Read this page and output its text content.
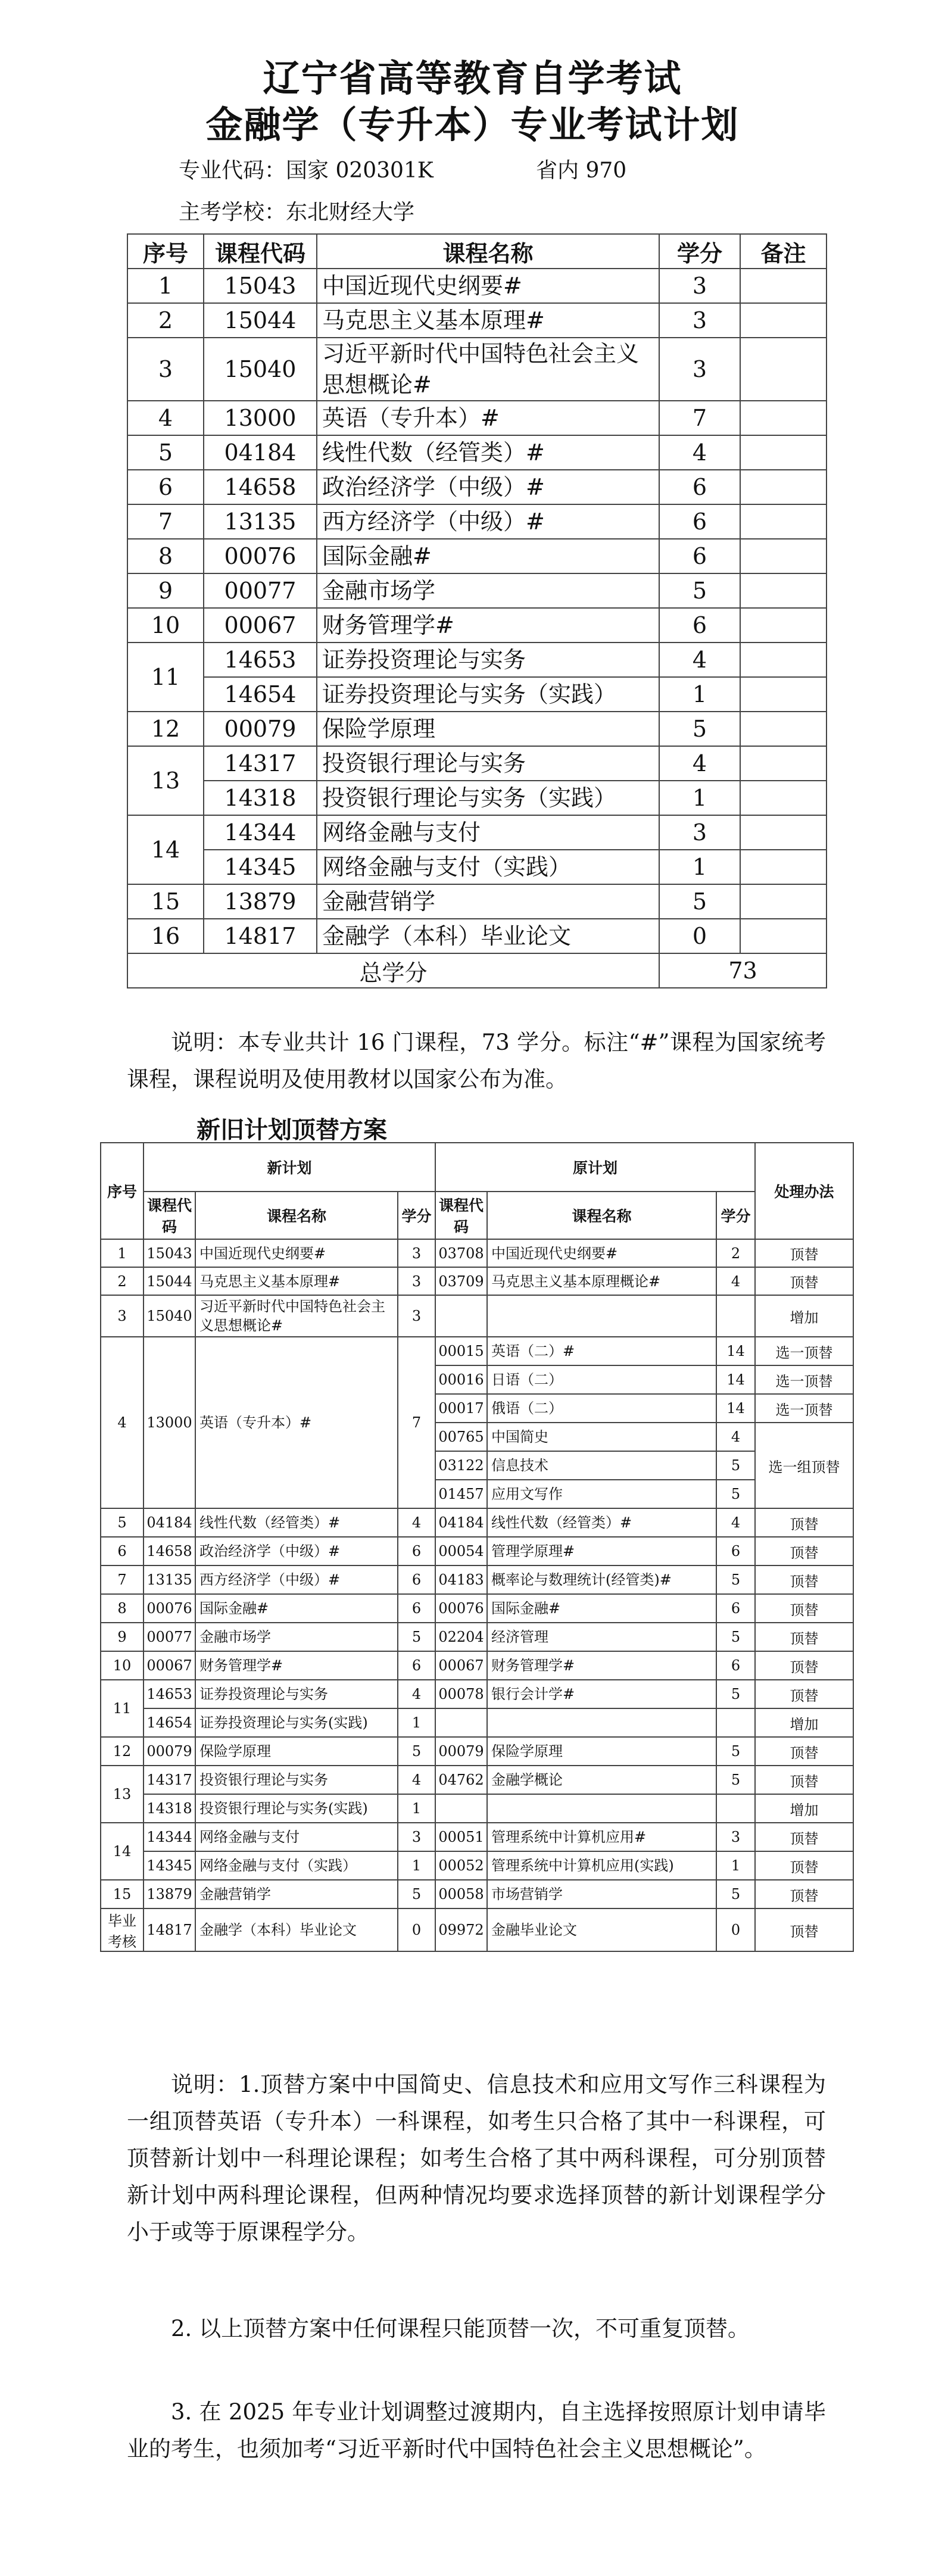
辽宁省高等教育自学考试
金融学（专升本）专业考试计划
专业代码：国家 020301K	省内 970
主考学校：东北财经大学
序号	课程代码	课程名称	学分	备注
1	15043	中国近现代史纲要#	3	
2	15044	马克思主义基本原理#	3	
3	15040	习近平新时代中国特色社会主义思想概论#	3	
4	13000	英语（专升本）#	7	
5	04184	线性代数（经管类）#	4	
6	14658	政治经济学（中级）#	6	
7	13135	西方经济学（中级）#	6	
8	00076	国际金融#	6	
9	00077	金融市场学	5	
10	00067	财务管理学#	6	
11	14653	证券投资理论与实务	4	
	14654	证券投资理论与实务（实践）	1	
12	00079	保险学原理	5	
13	14317	投资银行理论与实务	4	
	14318	投资银行理论与实务（实践）	1	
14	14344	网络金融与支付	3	
	14345	网络金融与支付（实践）	1	
15	13879	金融营销学	5	
16	14817	金融学（本科）毕业论文	0	
总学分			73	
说明：本专业共计 16 门课程，73 学分。标注“#”课程为国家统考课程，课程说明及使用教材以国家公布为准。
新旧计划顶替方案
序号	新计划			原计划			处理办法
	课程代码	课程名称	学分	课程代码	课程名称	学分	
1	15043	中国近现代史纲要#	3	03708	中国近现代史纲要#	2	顶替
2	15044	马克思主义基本原理#	3	03709	马克思主义基本原理概论#	4	顶替
3	15040	习近平新时代中国特色社会主义思想概论#	3				增加
4	13000	英语（专升本）#	7	00015	英语（二）#	14	选一顶替
				00016	日语（二）	14	选一顶替
				00017	俄语（二）	14	选一顶替
				00765	中国简史	4	选一组顶替
				03122	信息技术	5	
				01457	应用文写作	5	
5	04184	线性代数（经管类）#	4	04184	线性代数（经管类）#	4	顶替
6	14658	政治经济学（中级）#	6	00054	管理学原理#	6	顶替
7	13135	西方经济学（中级）#	6	04183	概率论与数理统计(经管类)#	5	顶替
8	00076	国际金融#	6	00076	国际金融#	6	顶替
9	00077	金融市场学	5	02204	经济管理	5	顶替
10	00067	财务管理学#	6	00067	财务管理学#	6	顶替
11	14653	证券投资理论与实务	4	00078	银行会计学#	5	顶替
	14654	证券投资理论与实务(实践)	1				增加
12	00079	保险学原理	5	00079	保险学原理	5	顶替
13	14317	投资银行理论与实务	4	04762	金融学概论	5	顶替
	14318	投资银行理论与实务(实践)	1				增加
14	14344	网络金融与支付	3	00051	管理系统中计算机应用#	3	顶替
	14345	网络金融与支付（实践）	1	00052	管理系统中计算机应用(实践)	1	顶替
15	13879	金融营销学	5	00058	市场营销学	5	顶替
毕业考核	14817	金融学（本科）毕业论文	0	09972	金融毕业论文	0	顶替
说明：1.顶替方案中中国简史、信息技术和应用文写作三科课程为一组顶替英语（专升本）一科课程，如考生只合格了其中一科课程，可顶替新计划中一科理论课程；如考生合格了其中两科课程，可分别顶替新计划中两科理论课程，但两种情况均要求选择顶替的新计划课程学分小于或等于原课程学分。
2. 以上顶替方案中任何课程只能顶替一次，不可重复顶替。
3. 在 2025 年专业计划调整过渡期内，自主选择按照原计划申请毕业的考生，也须加考“习近平新时代中国特色社会主义思想概论”。
